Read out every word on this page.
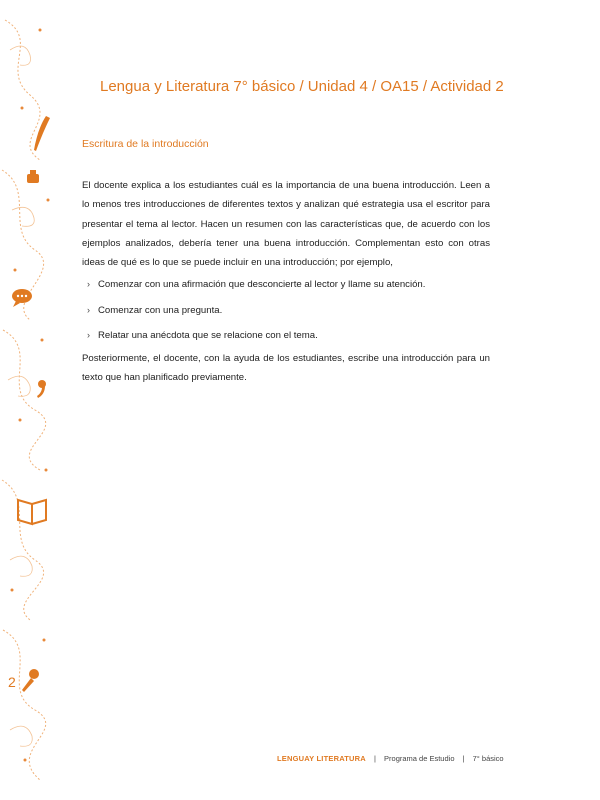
2
Lengua y Literatura 7° básico / Unidad 4 / OA15 / Actividad 2
Escritura de la introducción

El docente explica a los estudiantes cuál es la importancia de una buena introducción. Leen a lo menos tres introducciones de diferentes textos y analizan qué estrategia usa el escritor para presentar el tema al lector. Hacen un resumen con las características que, de acuerdo con los ejemplos analizados, debería tener una buena introducción. Complementan esto con otras ideas de qué es lo que se puede incluir en una introducción; por ejemplo,

› Comenzar con una afirmación que desconcierte al lector y llame su atención.
› Comenzar con una pregunta.
› Relatar una anécdota que se relacione con el tema.

Posteriormente, el docente, con la ayuda de los estudiantes, escribe una introducción para un texto que han planificado previamente.

LENGUAY LITERATURA | Programa de Estudio | 7° básico
